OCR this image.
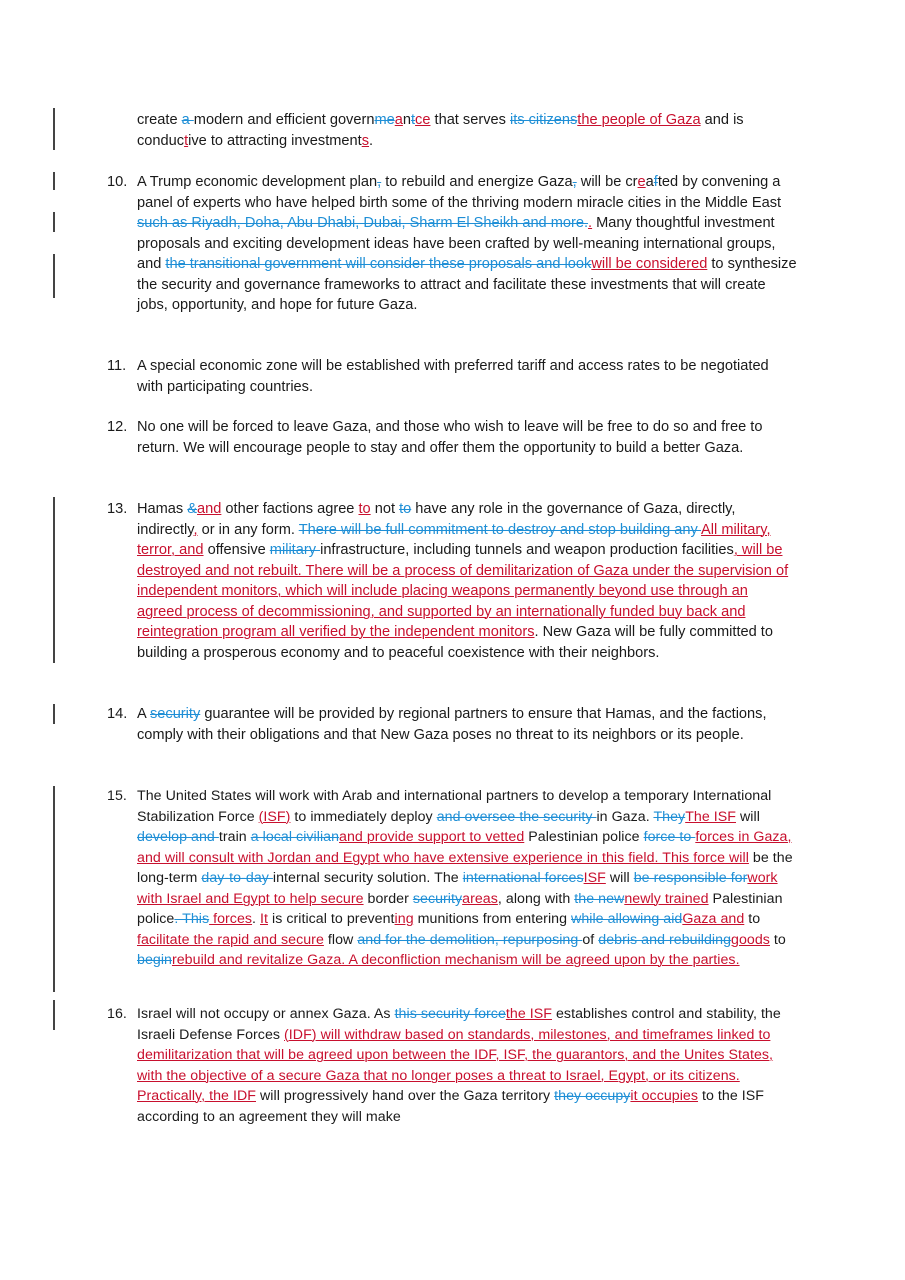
create a modern and efficient governmeantce that serves its citizensthe people of Gaza and is conductive to attracting investments.
10. A Trump economic development plan, to rebuild and energize Gaza, will be creafted by convening a panel of experts who have helped birth some of the thriving modern miracle cities in the Middle East such as Riyadh, Doha, Abu Dhabi, Dubai, Sharm El Sheikh and more.. Many thoughtful investment proposals and exciting development ideas have been crafted by well-meaning international groups, and the transitional government will consider these proposals and lookwill be considered to synthesize the security and governance frameworks to attract and facilitate these investments that will create jobs, opportunity, and hope for future Gaza.
11. A special economic zone will be established with preferred tariff and access rates to be negotiated with participating countries.
12. No one will be forced to leave Gaza, and those who wish to leave will be free to do so and free to return. We will encourage people to stay and offer them the opportunity to build a better Gaza.
13. Hamas &and other factions agree to not to have any role in the governance of Gaza, directly, indirectly, or in any form. There will be full commitment to destroy and stop building any All military, terror, and offensive military infrastructure, including tunnels and weapon production facilities, will be destroyed and not rebuilt. There will be a process of demilitarization of Gaza under the supervision of independent monitors, which will include placing weapons permanently beyond use through an agreed process of decommissioning, and supported by an internationally funded buy back and reintegration program all verified by the independent monitors. New Gaza will be fully committed to building a prosperous economy and to peaceful coexistence with their neighbors.
14. A security guarantee will be provided by regional partners to ensure that Hamas, and the factions, comply with their obligations and that New Gaza poses no threat to its neighbors or its people.
15. The United States will work with Arab and international partners to develop a temporary International Stabilization Force (ISF) to immediately deploy and oversee the security in Gaza. TheyThe ISF will develop and train a local civilianand provide support to vetted Palestinian police force to forces in Gaza, and will consult with Jordan and Egypt who have extensive experience in this field. This force will be the long-term day-to-day internal security solution. The international forcesISF will be responsible forwork with Israel and Egypt to help secure border securityareas, along with the newnewly trained Palestinian police. This forces. It is critical to preventing munitions from entering while allowing aidGaza and to facilitate the rapid and secure flow and for the demolition, repurposing of debris and rebuildinggoods to beginrebuild and revitalize Gaza. A deconfliction mechanism will be agreed upon by the parties.
16. Israel will not occupy or annex Gaza. As this security forcethe ISF establishes control and stability, the Israeli Defense Forces (IDF) will withdraw based on standards, milestones, and timeframes linked to demilitarization that will be agreed upon between the IDF, ISF, the guarantors, and the Unites States, with the objective of a secure Gaza that no longer poses a threat to Israel, Egypt, or its citizens. Practically, the IDF will progressively hand over the Gaza territory they occupyit occupies to the ISF according to an agreement they will make
